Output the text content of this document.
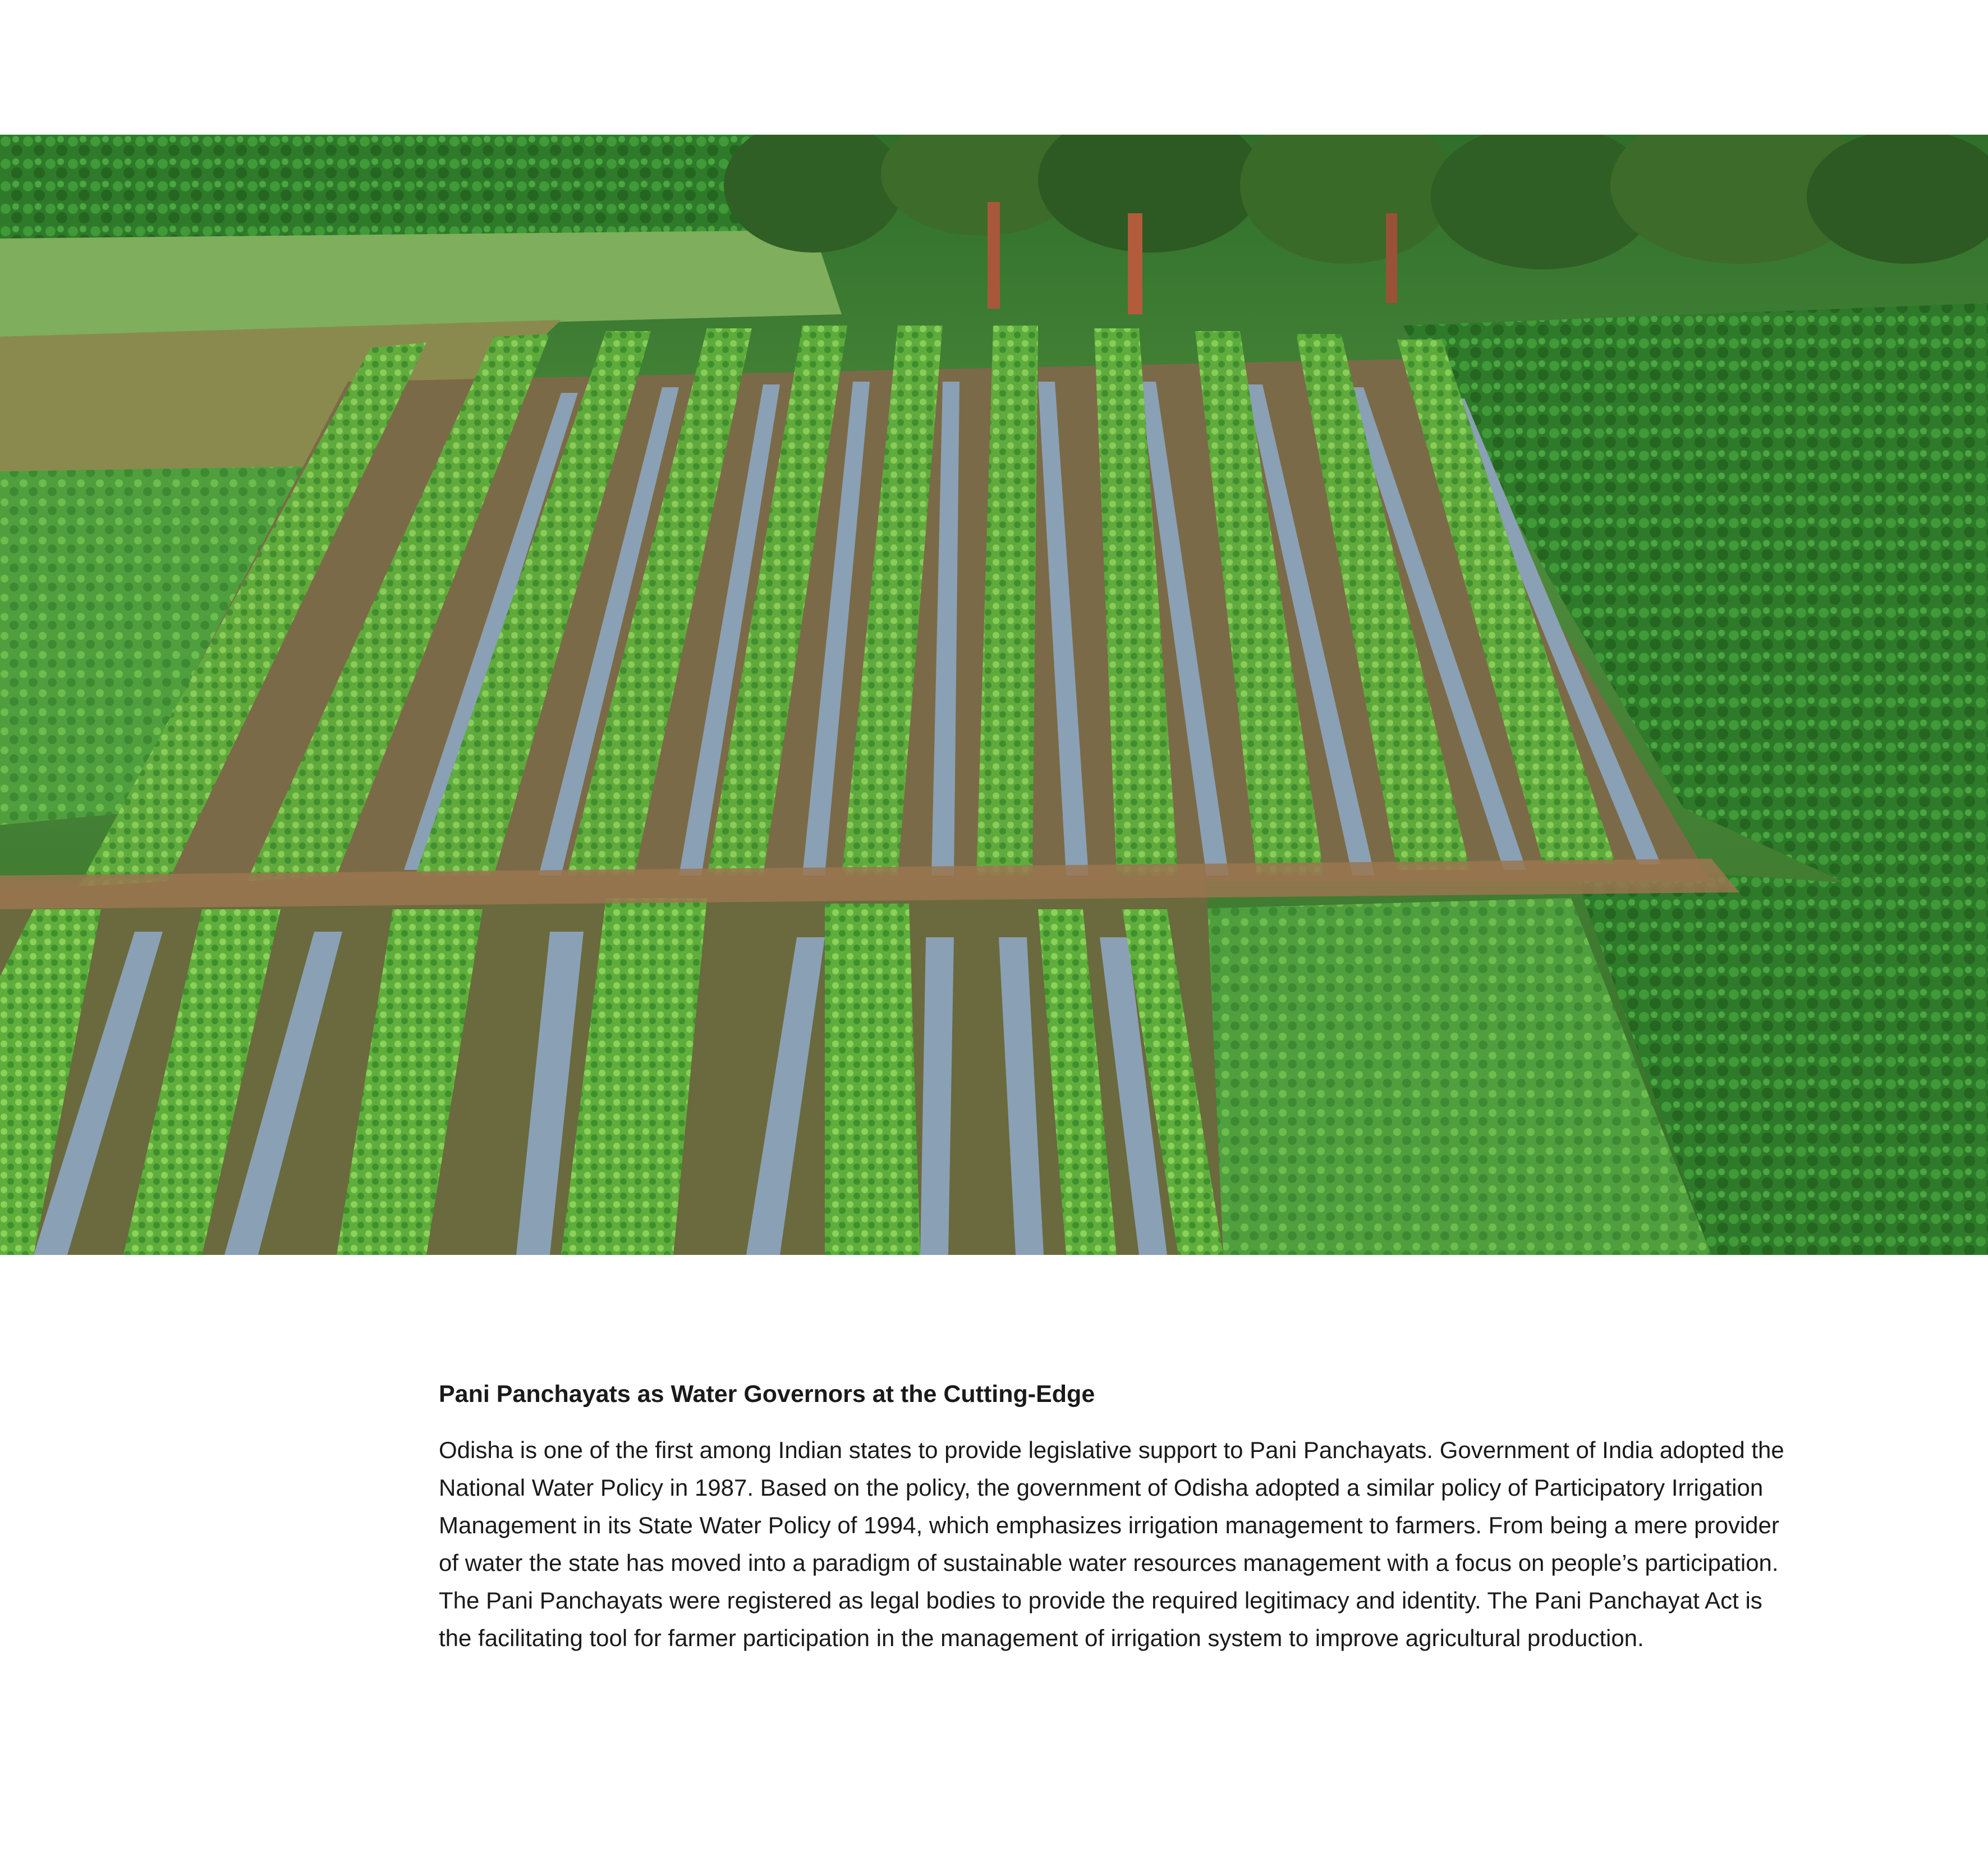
Pani Panchayats as Water Governors at the Cutting-Edge

Odisha is one of the first among Indian states to provide legislative support to Pani Panchayats. Government of India adopted the
National Water Policy in 1987. Based on the policy, the government of Odisha adopted a similar policy of Participatory Irrigation
Management in its State Water Policy of 1994, which emphasizes irrigation management to farmers. From being a mere provider
of water the state has moved into a paradigm of sustainable water resources management with a focus on people’s participation.
The Pani Panchayats were registered as legal bodies to provide the required legitimacy and identity. The Pani Panchayat Act is
the facilitating tool for farmer participation in the management of irrigation system to improve agricultural production.
